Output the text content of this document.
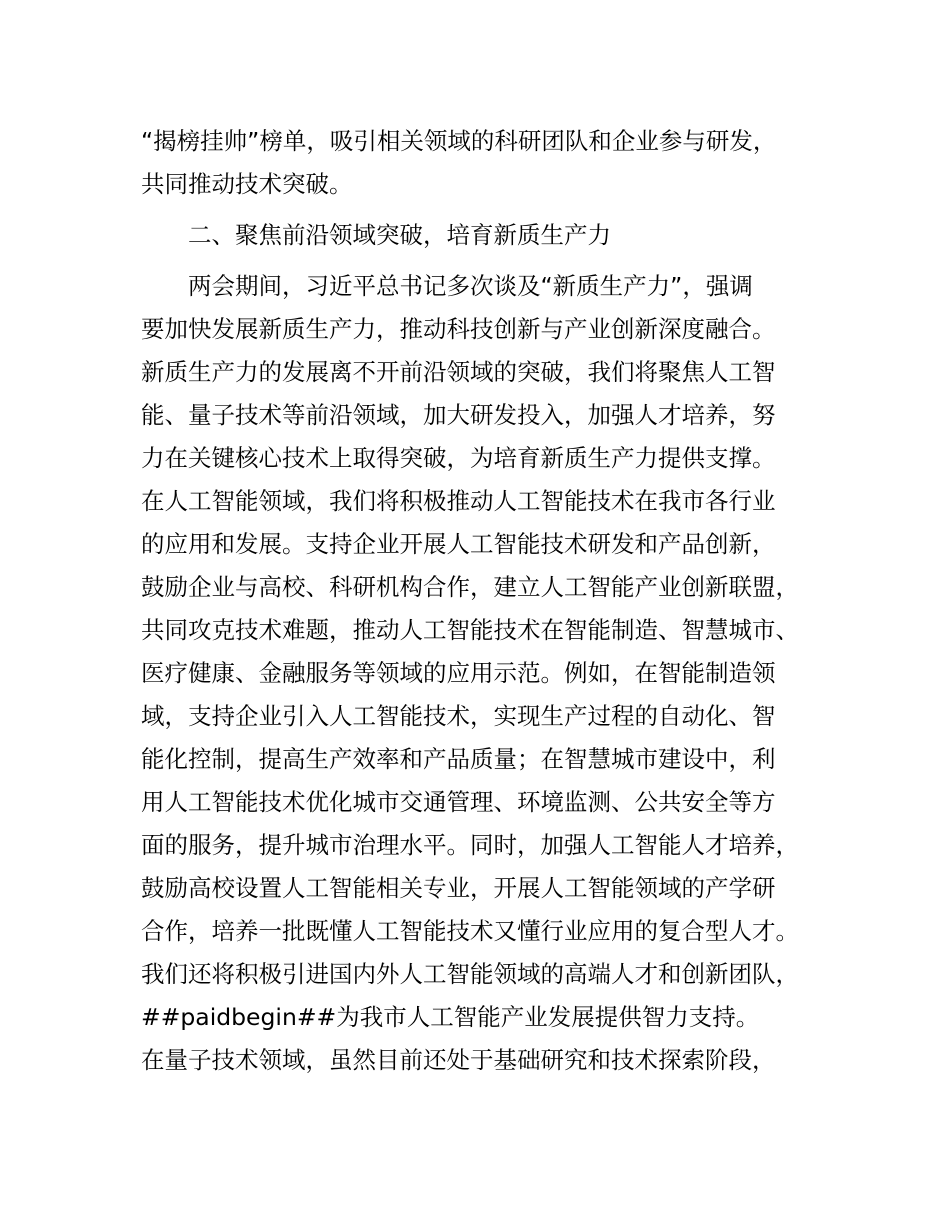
“揭榜挂帅”榜单，吸引相关领域的科研团队和企业参与研发，
共同推动技术突破。
二、聚焦前沿领域突破，培育新质生产力
两会期间，习近平总书记多次谈及“新质生产力”，强调
要加快发展新质生产力，推动科技创新与产业创新深度融合。
新质生产力的发展离不开前沿领域的突破，我们将聚焦人工智
能、量子技术等前沿领域，加大研发投入，加强人才培养，努
力在关键核心技术上取得突破，为培育新质生产力提供支撑。
在人工智能领域，我们将积极推动人工智能技术在我市各行业
的应用和发展。支持企业开展人工智能技术研发和产品创新，
鼓励企业与高校、科研机构合作，建立人工智能产业创新联盟，
共同攻克技术难题，推动人工智能技术在智能制造、智慧城市、
医疗健康、金融服务等领域的应用示范。例如，在智能制造领
域，支持企业引入人工智能技术，实现生产过程的自动化、智
能化控制，提高生产效率和产品质量；在智慧城市建设中，利
用人工智能技术优化城市交通管理、环境监测、公共安全等方
面的服务，提升城市治理水平。同时，加强人工智能人才培养，
鼓励高校设置人工智能相关专业，开展人工智能领域的产学研
合作，培养一批既懂人工智能技术又懂行业应用的复合型人才。
我们还将积极引进国内外人工智能领域的高端人才和创新团队，
##paidbegin##为我市人工智能产业发展提供智力支持。
在量子技术领域，虽然目前还处于基础研究和技术探索阶段，
